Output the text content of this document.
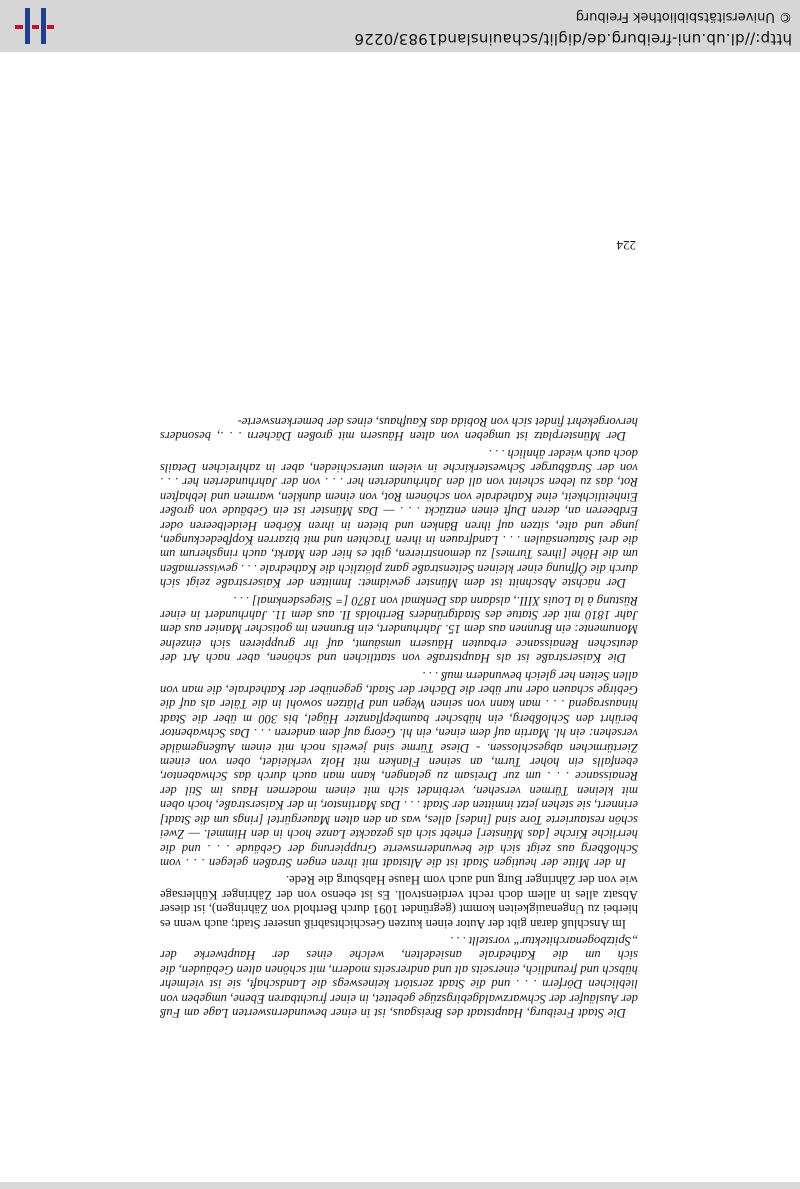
Die Stadt Freiburg, Hauptstadt des Breisgaus, ist in einer bewundernswerten Lage am Fuß der Ausläufer der Schwarzwaldgebirgszüge gebettet, in einer fruchtbaren Ebene, umgeben von lieblichen Dörfern . . . und die Stadt zerstört keineswegs die Landschaft, sie ist vielmehr hübsch und freundlich, einerseits alt und andrerseits modern, mit schönen alten Gebäuden, die sich um die Kathedrale ansiedelten, welche eines der Hauptwerke der „Spitzbogenarchitektur“ vorstellt . . .

Im Anschluß daran gibt der Autor einen kurzen Geschichtsabriß unserer Stadt; auch wenn es hierbei zu Ungenauigkeiten kommt (gegründet 1091 durch Berthold von Zähringen), ist dieser Absatz alles in allem doch recht verdienstvoll. Es ist ebenso von der Zähringer Kühlersage wie von der Zähringer Burg und auch vom Hause Habsburg die Rede.

In der Mitte der heutigen Stadt ist die Altstadt mit ihren engen Straßen gelegen . . . vom Schloßberg aus zeigt sich die bewundernswerte Gruppierung der Gebäude . . . und die herrliche Kirche [das Münster] erhebt sich als gezackte Lanze hoch in den Himmel. — Zwei schön restaurierte Tore sind [indes] alles, was an den alten Mauergürtel [rings um die Stadt] erinnert, sie stehen jetzt inmitten der Stadt . . . Das Martinstor, in der Kaiserstraße, hoch oben mit kleinen Türmen versehen, verbindet sich mit einem modernen Haus im Stil der Renaissance . . . um zur Dreisam zu gelangen, kann man auch durch das Schwabentor, ebenfalls ein hoher Turm, an seinen Flanken mit Holz verkleidet, oben von einem Ziertürmchen abgeschlossen. - Diese Türme sind jeweils noch mit einem Außengemälde versehen: ein hl. Martin auf dem einen, ein hl. Georg auf dem anderen . . . Das Schwabentor berührt den Schloßberg, ein hübscher baumbepflanzter Hügel, bis 300 m über die Stadt hinausragend . . . man kann von seinen Wegen und Plätzen sowohl in die Täler als auf die Gebirge schauen oder nur über die Dächer der Stadt, gegenüber der Kathedrale, die man von allen Seiten her gleich bewundern muß . . .

Die Kaiserstraße ist als Hauptstraße von stattlichen und schönen, aber nach Art der deutschen Renaissance erbauten Häusern umsäumt, auf ihr gruppieren sich einzelne Monumente: ein Brunnen aus dem 15. Jahrhundert, ein Brunnen im gotischer Manier aus dem Jahr 1810 mit der Statue des Stadtgründers Bertholds II. aus dem 11. Jahrhundert in einer Rüstung à la Louis XIII., alsdann das Denkmal von 1870 [= Siegesdenkmal] . . .

Der nächste Abschnitt ist dem Münster gewidmet: Inmitten der Kaiserstraße zeigt sich durch die Öffnung einer kleinen Seitenstraße ganz plötzlich die Kathedrale . . . gewissermaßen um die Höhe [ihres Turmes] zu demonstrieren, gibt es hier den Markt, auch ringsherum um die drei Statuensäulen . . . Landfrauen in ihren Trachten und mit bizarren Kopfbedeckungen, junge und alte, sitzen auf ihren Bänken und bieten in ihren Körben Heidelbeeren oder Erdbeeren an, deren Duft einen entzückt . . . — Das Münster ist ein Gebäude von großer Einheitlichkeit, eine Kathedrale von schönem Rot, von einem dunklen, warmen und lebhaften Rot, das zu leben scheint von all den Jahrhunderten her . . . von der Jahrhunderten her . . . von der Straßburger Schwesterkirche in vielem unterschieden, aber in zahlreichen Details doch auch wieder ähnlich . . .

Der Münsterplatz ist umgeben von alten Häusern mit großen Dächern . . ., besonders hervorgekehrt findet sich von Robida das Kaufhaus, eines der bemerkenswerte-

224
http://dl.ub.uni-freiburg.de/diglit/schauinsland1983/0226
© Universitätsbibliothek Freiburg
